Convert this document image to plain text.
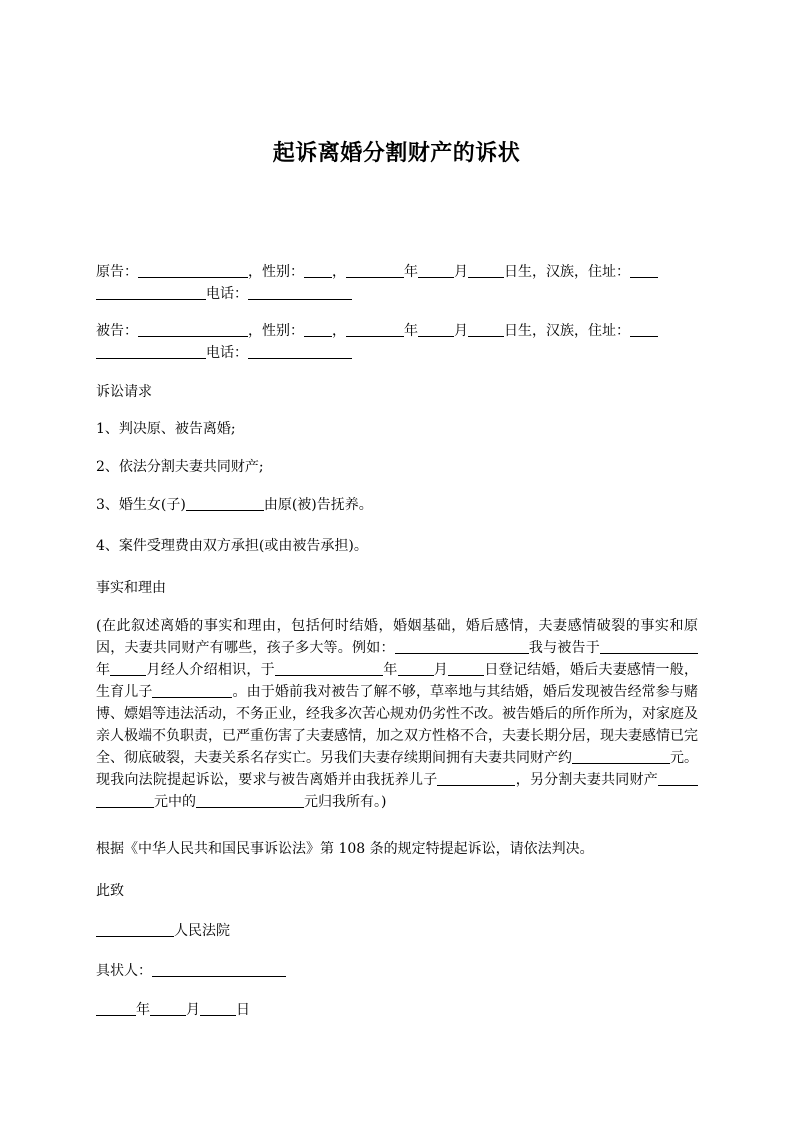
起诉离婚分割财产的诉状
原告：	，性别： ，	年	月	日生，汉族，住址：
电话：
被告：	，性别： ，	年	月	日生，汉族，住址：
电话：
诉讼请求
1、判决原、被告离婚;
2、依法分割夫妻共同财产;
3、婚生女(子)	由原(被)告抚养。
4、案件受理费由双方承担(或由被告承担)。
事实和理由
(在此叙述离婚的事实和理由，包括何时结婚，婚姻基础，婚后感情，夫妻感情破裂的事实和原因，夫妻共同财产有哪些，孩子多大等。例如：	我与被告于年	月经人介绍相识，于	年	月	日登记结婚，婚后夫妻感情一般，生育儿子	。由于婚前我对被告了解不够，草率地与其结婚，婚后发现被告经常参与赌博、嫖娼等违法活动，不务正业，经我多次苦心规劝仍劣性不改。被告婚后的所作所为，对家庭及亲人极端不负职责，已严重伤害了夫妻感情，加之双方性格不合，夫妻长期分居，现夫妻感情已完全、彻底破裂，夫妻关系名存实亡。另我们夫妻存续期间拥有夫妻共同财产约	元。现我向法院提起诉讼，要求与被告离婚并由我抚养儿子	，另分割夫妻共同财产 元中的	元归我所有。)
根据《中华人民共和国民事诉讼法》第 108 条的规定特提起诉讼，请依法判决。
此致
人民法院
具状人：
年	月	日
